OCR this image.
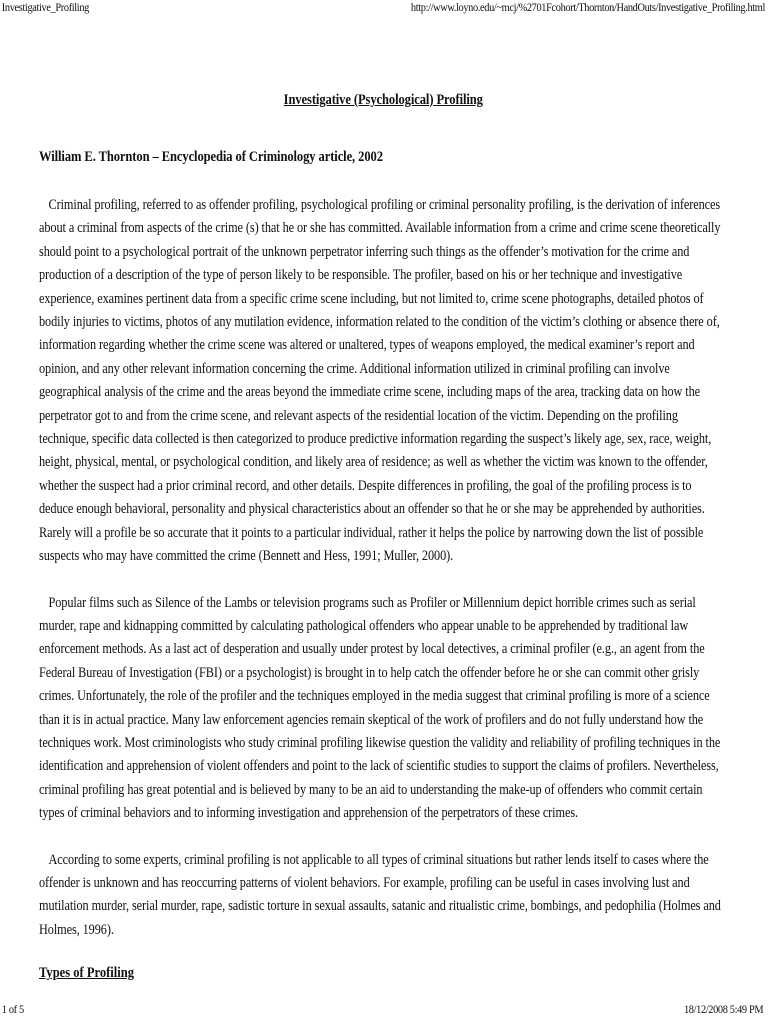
Investigative_Profiling	http://www.loyno.edu/~mcj/%2701Fcohort/Thornton/HandOuts/Investigative_Profiling.html
Investigative (Psychological) Profiling
William E. Thornton – Encyclopedia of Criminology article, 2002

Criminal profiling, referred to as offender profiling, psychological profiling or criminal personality profiling, is the derivation of inferences about a criminal from aspects of the crime (s) that he or she has committed. Available information from a crime and crime scene theoretically should point to a psychological portrait of the unknown perpetrator inferring such things as the offender’s motivation for the crime and production of a description of the type of person likely to be responsible. The profiler, based on his or her technique and investigative experience, examines pertinent data from a specific crime scene including, but not limited to, crime scene photographs, detailed photos of bodily injuries to victims, photos of any mutilation evidence, information related to the condition of the victim’s clothing or absence there of, information regarding whether the crime scene was altered or unaltered, types of weapons employed, the medical examiner’s report and opinion, and any other relevant information concerning the crime. Additional information utilized in criminal profiling can involve geographical analysis of the crime and the areas beyond the immediate crime scene, including maps of the area, tracking data on how the perpetrator got to and from the crime scene, and relevant aspects of the residential location of the victim. Depending on the profiling technique, specific data collected is then categorized to produce predictive information regarding the suspect’s likely age, sex, race, weight, height, physical, mental, or psychological condition, and likely area of residence; as well as whether the victim was known to the offender, whether the suspect had a prior criminal record, and other details. Despite differences in profiling, the goal of the profiling process is to deduce enough behavioral, personality and physical characteristics about an offender so that he or she may be apprehended by authorities. Rarely will a profile be so accurate that it points to a particular individual, rather it helps the police by narrowing down the list of possible suspects who may have committed the crime (Bennett and Hess, 1991; Muller, 2000).

Popular films such as Silence of the Lambs or television programs such as Profiler or Millennium depict horrible crimes such as serial murder, rape and kidnapping committed by calculating pathological offenders who appear unable to be apprehended by traditional law enforcement methods. As a last act of desperation and usually under protest by local detectives, a criminal profiler (e.g., an agent from the Federal Bureau of Investigation (FBI) or a psychologist) is brought in to help catch the offender before he or she can commit other grisly crimes. Unfortunately, the role of the profiler and the techniques employed in the media suggest that criminal profiling is more of a science than it is in actual practice. Many law enforcement agencies remain skeptical of the work of profilers and do not fully understand how the techniques work. Most criminologists who study criminal profiling likewise question the validity and reliability of profiling techniques in the identification and apprehension of violent offenders and point to the lack of scientific studies to support the claims of profilers. Nevertheless, criminal profiling has great potential and is believed by many to be an aid to understanding the make-up of offenders who commit certain types of criminal behaviors and to informing investigation and apprehension of the perpetrators of these crimes.

According to some experts, criminal profiling is not applicable to all types of criminal situations but rather lends itself to cases where the offender is unknown and has reoccurring patterns of violent behaviors. For example, profiling can be useful in cases involving lust and mutilation murder, serial murder, rape, sadistic torture in sexual assaults, satanic and ritualistic crime, bombings, and pedophilia (Holmes and Holmes, 1996).

Types of Profiling
1 of 5	18/12/2008 5:49 PM
